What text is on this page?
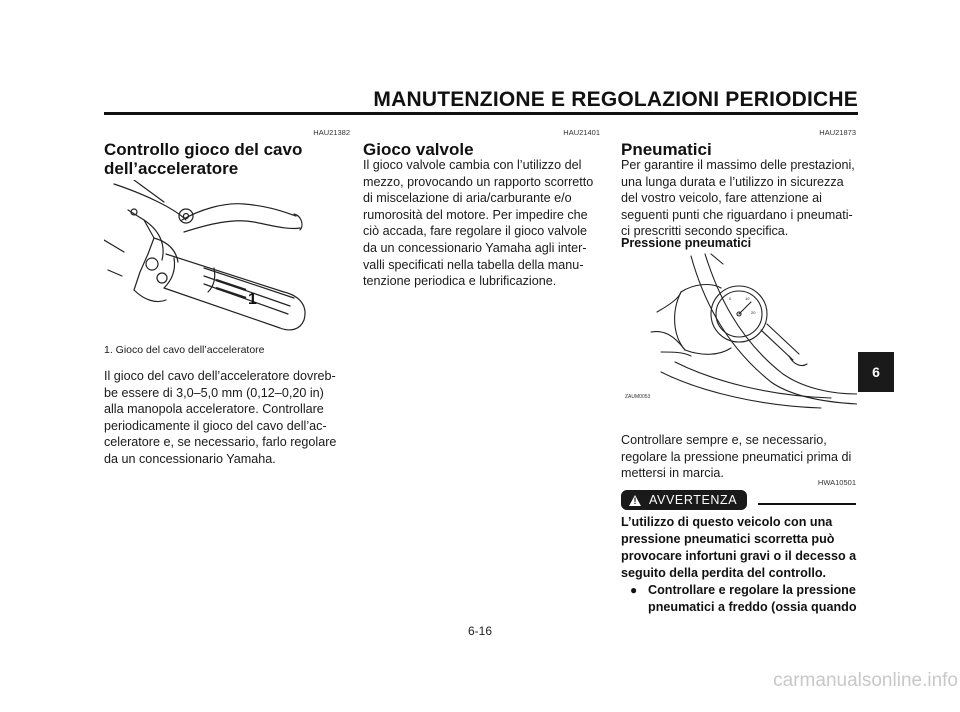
MANUTENZIONE E REGOLAZIONI PERIODICHE
HAU21382
Controllo gioco del cavo
dell’acceleratore
1
1. Gioco del cavo dell’acceleratore
Il gioco del cavo dell’acceleratore dovreb-
be essere di 3,0–5,0 mm (0,12–0,20 in)
alla manopola acceleratore. Controllare
periodicamente il gioco del cavo dell’ac-
celeratore e, se necessario, farlo regolare
da un concessionario Yamaha.
HAU21401
Gioco valvole
Il gioco valvole cambia con l’utilizzo del
mezzo, provocando un rapporto scorretto
di miscelazione di aria/carburante e/o
rumorosità del motore. Per impedire che
ciò accada, fare regolare il gioco valvole
da un concessionario Yamaha agli inter-
valli specificati nella tabella della manu-
tenzione periodica e lubrificazione.
HAU21873
Pneumatici
Per garantire il massimo delle prestazioni,
una lunga durata e l’utilizzo in sicurezza
del vostro veicolo, fare attenzione ai
seguenti punti che riguardano i pneumati-
ci prescritti secondo specifica.
Pressione pneumatici
0	10
20
ZAUM0053
Controllare sempre e, se necessario,
regolare la pressione pneumatici prima di
mettersi in marcia.
HWA10501
! AVVERTENZA
L’utilizzo di questo veicolo con una
pressione pneumatici scorretta può
provocare infortuni gravi o il decesso a
seguito della perdita del controllo.
● Controllare e regolare la pressione
pneumatici a freddo (ossia quando
6
6-16
carmanualsonline.info
